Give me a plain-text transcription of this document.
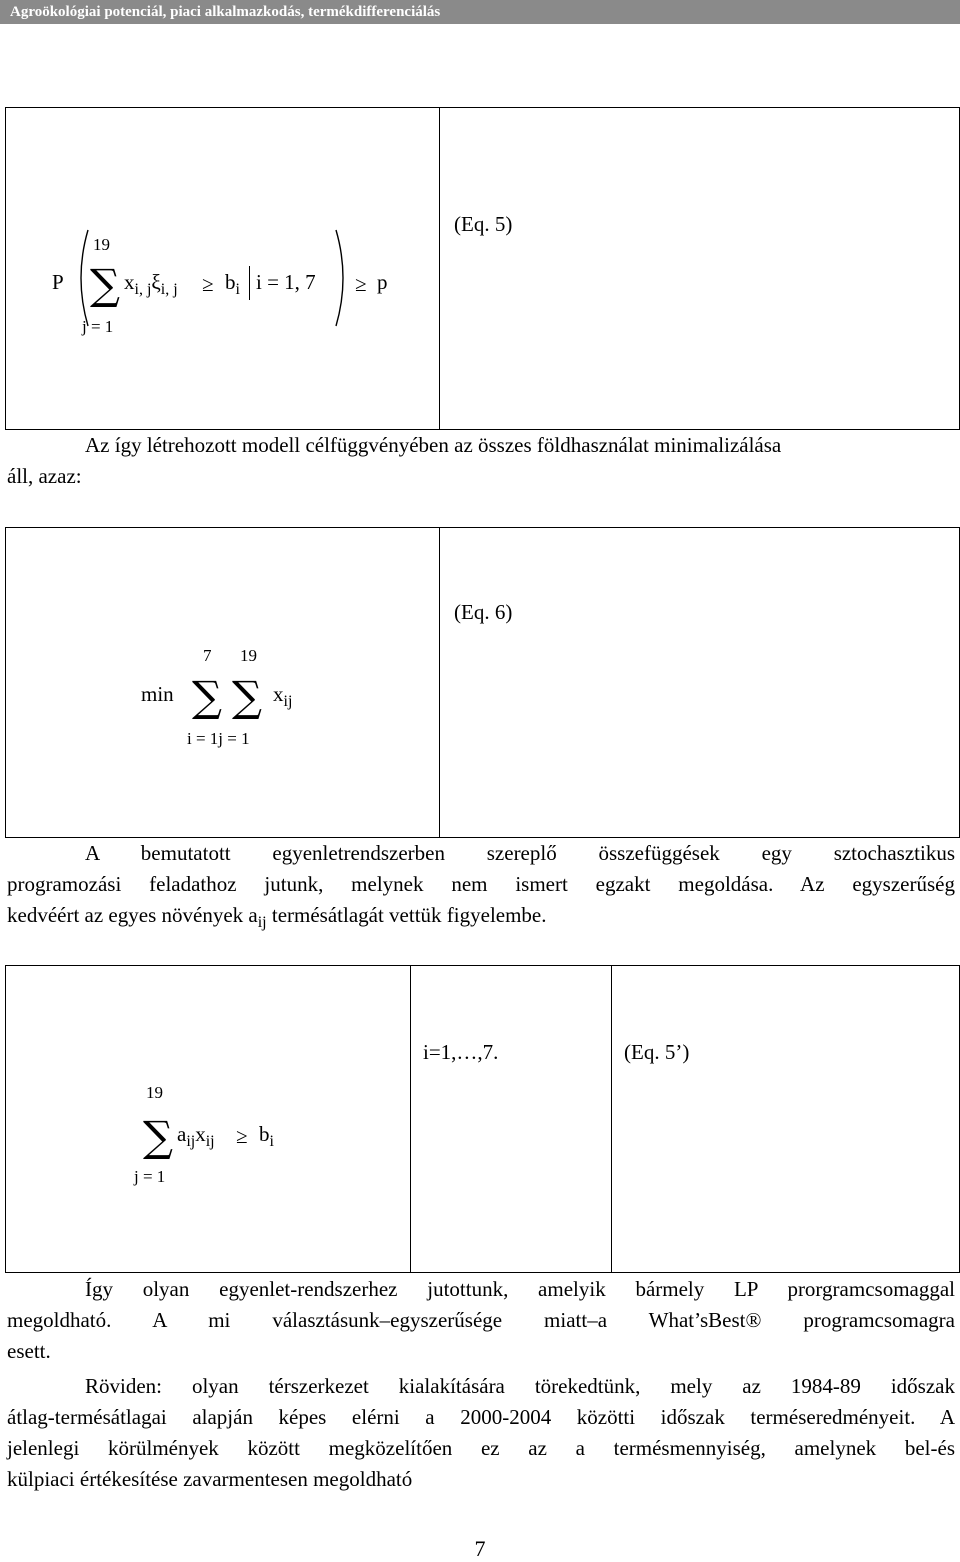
Agroökológiai potenciál, piaci alkalmazkodás, termékdifferenciálás
P
19
∑
j = 1
$x_{i, j}\xi_{i, j} \ge b_i$ i = 1, 7 ≥ p
(Eq. 5)
Az így létrehozott modell célfüggvényében az összes földhasználat minimalizálása
áll, azaz:
min
7 19
∑ ∑
i = 1j = 1
$x_{ij}$
(Eq. 6)
A bemutatott egyenletrendszerben szereplő összefüggések egy sztochasztikus
programozási feladathoz jutunk, melynek nem ismert egzakt megoldása. Az egyszerűség
kedvéért az egyes növények $a_{ij}$ termésátlagát vettük figyelembe.
19
∑
j = 1
$a_{ij}x_{ij} \ge b_i$
i=1,…,7.	(Eq. 5’)
Így olyan egyenlet-rendszerhez jutottunk, amelyik bármely LP prorgramcsomaggal
megoldható. A mi választásunk–egyszerűsége miatt–a What’sBest® programcsomagra
esett.
Röviden: olyan térszerkezet kialakítására törekedtünk, mely az 1984-89 időszak
átlag-termésátlagai alapján képes elérni a 2000-2004 közötti időszak terméseredményeit. A
jelenlegi körülmények között megközelítően ez az a termésmennyiség, amelynek bel-és
külpiaci értékesítése zavarmentesen megoldható
7
